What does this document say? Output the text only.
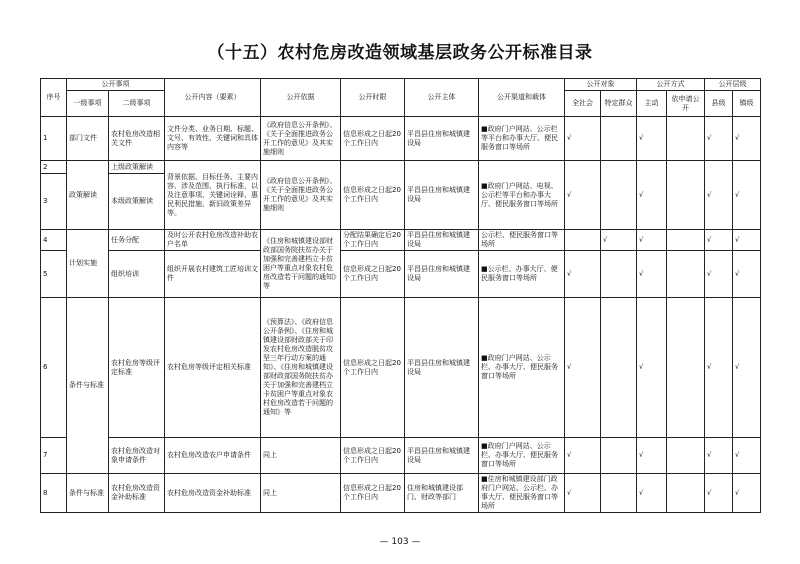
（十五）农村危房改造领域基层政务公开标准目录
序号	公开事项		公开内容（要素）	公开依据	公开时限	公开主体	公开渠道和载体	公开对象		公开方式		公开层级	
	一级事项	二级事项						全社会	特定群众	主动	依申请公开	县级	镇级
1	部门文件	农村危房改造相关文件	文件分类、业务日期、标题、文号、有效性、关键词和具体内容等	《政府信息公开条例》、《关于全面推进政务公开工作的意见》及其实施细则	信息形成之日起20个工作日内	平昌县住房和城镇建设局	■政府门户网站、公示栏等平台和办事大厅、便民服务窗口等场所	√		√		√	√
2	政策解读	上级政策解读	背景依据、目标任务、主要内容、涉及范围、执行标准，以及注意事项、关键词诠释、惠民利民措施、新旧政策差异等。	《政府信息公开条例》、《关于全面推进政务公开工作的意见》及其实施细则	信息形成之日起20个工作日内	平昌县住房和城镇建设局	■政府门户网站、电视、公示栏等平台和办事大厅、便民服务窗口等场所	√		√		√	√
3		本级政策解读											
4	计划实施	任务分配	及时公开农村危房改造补助农户名单	《住房和城镇建设部财政部国务院扶贫办关于加强和完善建档立卡贫困户等重点对象农村危房改造若干问题的通知》等	分配结果确定后20个工作日内	平昌县住房和城镇建设局	公示栏、便民服务窗口等场所		√	√		√	√
5		组织培训	组织开展农村建筑工匠培训文件		信息形成之日起20个工作日内	平昌县住房和城镇建设局	■公示栏、办事大厅、便民服务窗口等场所	√		√		√	√
6	条件与标准	农村危房等级评定标准	农村危房等级评定相关标准	《预算法》、《政府信息公开条例》、《住房和城镇建设部财政部关于印发农村危房改造脱贫攻坚三年行动方案的通知》、《住房和城镇建设部财政部国务院扶贫办关于加强和完善建档立卡贫困户等重点对象农村危房改造若干问题的通知》等	信息形成之日起20个工作日内	平昌县住房和城镇建设局	■政府门户网站、公示栏、办事大厅、便民服务窗口等场所	√		√		√	√
7		农村危房改造对象申请条件	农村危房改造农户申请条件	同上	信息形成之日起20个工作日内	平昌县住房和城镇建设局	■政府门户网站、公示栏、办事大厅、便民服务窗口等场所	√		√		√	√
8	条件与标准	农村危房改造资金补助标准	农村危房改造资金补助标准	同上	信息形成之日起20个工作日内	住房和城镇建设部门、财政等部门	■住房和城镇建设部门政府门户网站、公示栏、办事大厅、便民服务窗口等场所	√		√		√	√
— 103 —
